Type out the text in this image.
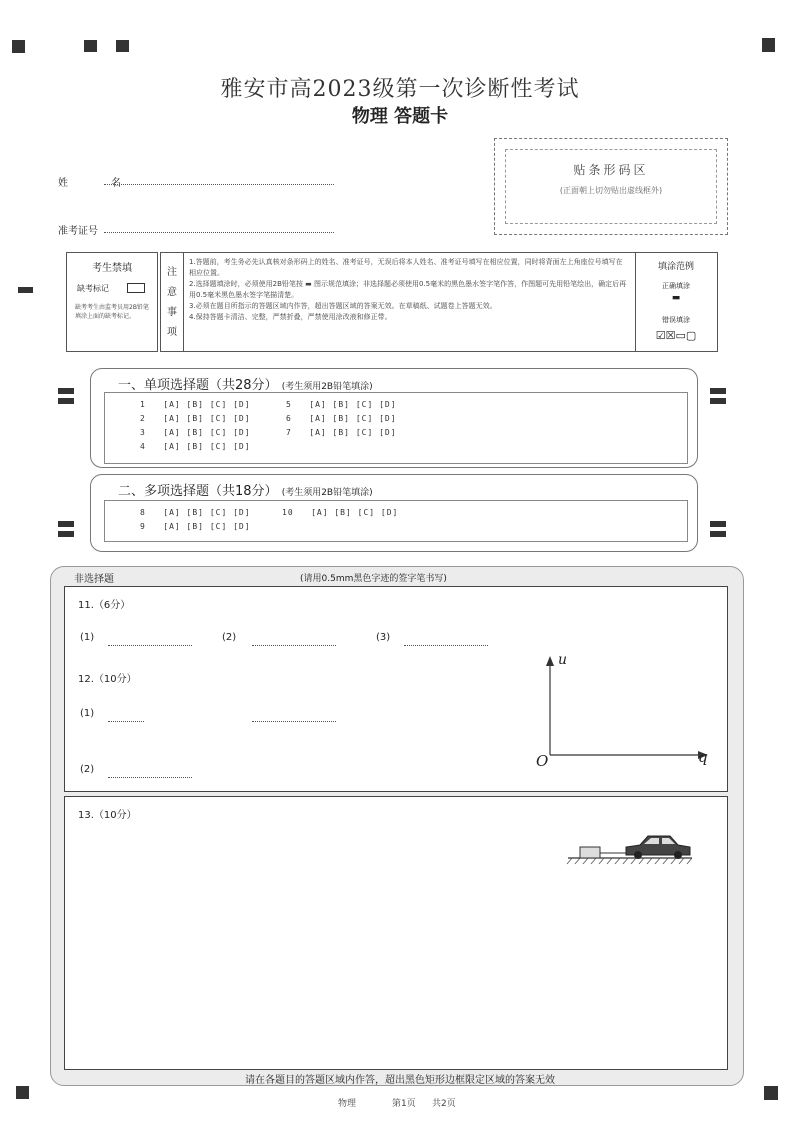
雅安市高2023级第一次诊断性考试
物理 答题卡
姓 名
准考证号
贴条形码区
(正面朝上切勿贴出虚线框外)
考生禁填
缺考标记
缺考考生由监考员用2B铅笔填涂上面的缺考标记。
注意事项
1.答题前，考生务必先认真核对条形码上的姓名、准考证号，无误后将本人姓名、准考证号填写在相应位置，同时将背面左上角座位号填写在相应位置。
2.选择题填涂时，必须使用2B铅笔按 ▬ 图示规范填涂；非选择题必须使用0.5毫米的黑色墨水签字笔作答，作图题可先用铅笔绘出，确定后再用0.5毫米黑色墨水签字笔描清楚。
3.必须在题目所指示的答题区域内作答，超出答题区域的答案无效。在草稿纸、试题卷上答题无效。
4.保持答题卡清洁、完整，严禁折叠，严禁使用涂改液和修正带。
填涂范例
正确填涂
▬
错误填涂
☑☒▭▢
一、单项选择题（共28分） (考生须用2B铅笔填涂)
1 [A] [B] [C] [D]
2 [A] [B] [C] [D]
3 [A] [B] [C] [D]
4 [A] [B] [C] [D]
5 [A] [B] [C] [D]
6 [A] [B] [C] [D]
7 [A] [B] [C] [D]
二、多项选择题（共18分） (考生须用2B铅笔填涂)
8 [A] [B] [C] [D]
9 [A] [B] [C] [D]
10 [A] [B] [C] [D]
非选择题	(请用0.5mm黑色字迹的签字笔书写)
11.（6分）
(1)	(2)	(3)
12.（10分）
(1)
(2)
u
q
O
13.（10分）
请在各题目的答题区域内作答，超出黑色矩形边框限定区域的答案无效
物理	第1页 共2页
